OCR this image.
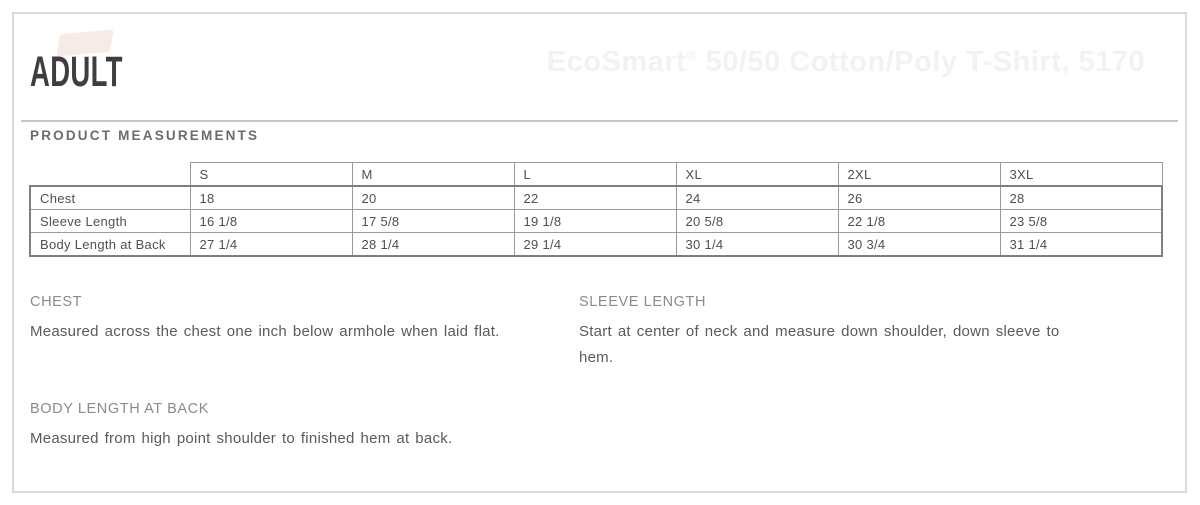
ADULT	EcoSmart® 50/50 Cotton/Poly T-Shirt, 5170
PRODUCT MEASUREMENTS
	S	M	L	XL	2XL	3XL
Chest	18	20	22	24	26	28
Sleeve Length	16 1/8	17 5/8	19 1/8	20 5/8	22 1/8	23 5/8
Body Length at Back	27 1/4	28 1/4	29 1/4	30 1/4	30 3/4	31 1/4
CHEST

Measured across the chest one inch below armhole when laid flat.

SLEEVE LENGTH

Start at center of neck and measure down shoulder, down sleeve to hem.

BODY LENGTH AT BACK

Measured from high point shoulder to finished hem at back.
